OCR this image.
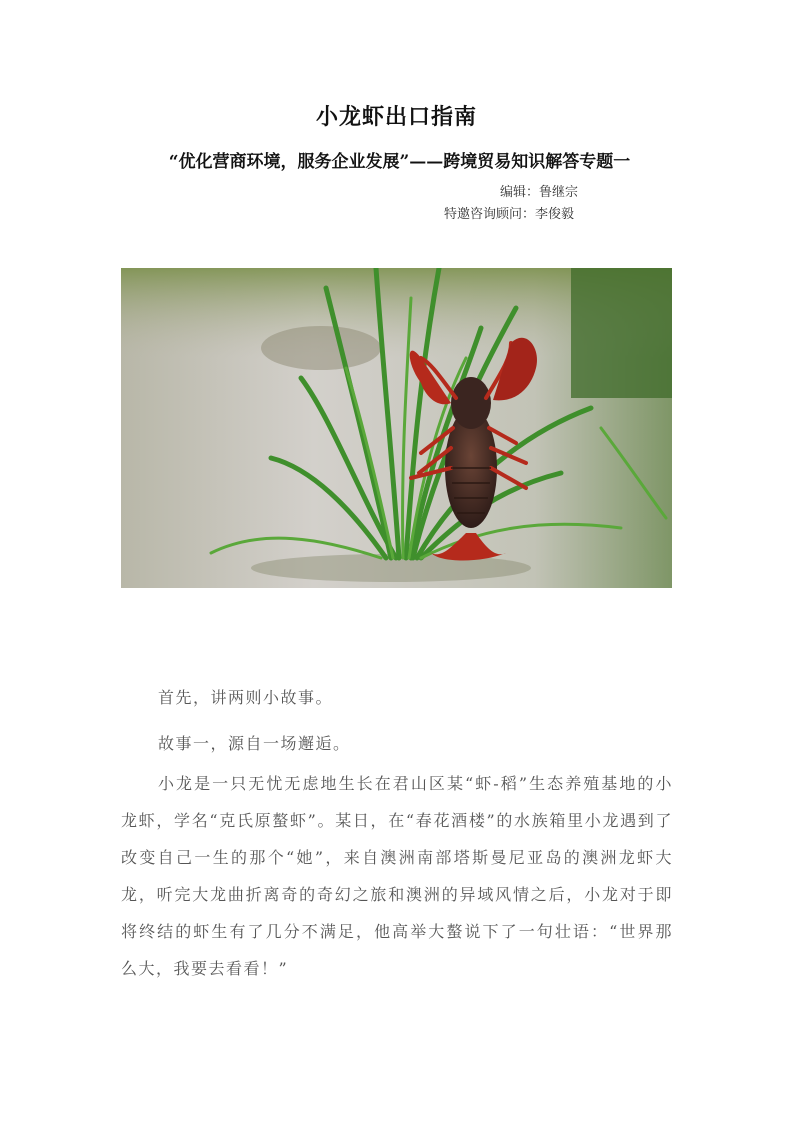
小龙虾出口指南
“优化营商环境，服务企业发展”——跨境贸易知识解答专题一
编辑：鲁继宗
特邀咨询顾问：李俊毅

首先，讲两则小故事。

故事一，源自一场邂逅。

小龙是一只无忧无虑地生长在君山区某“虾-稻”生态养殖基地的小龙虾，学名“克氏原螯虾”。某日，在“春花酒楼”的水族箱里小龙遇到了改变自己一生的那个“她”，来自澳洲南部塔斯曼尼亚岛的澳洲龙虾大龙，听完大龙曲折离奇的奇幻之旅和澳洲的异域风情之后，小龙对于即将终结的虾生有了几分不满足，他高举大螯说下了一句壮语：“世界那么大，我要去看看！”
